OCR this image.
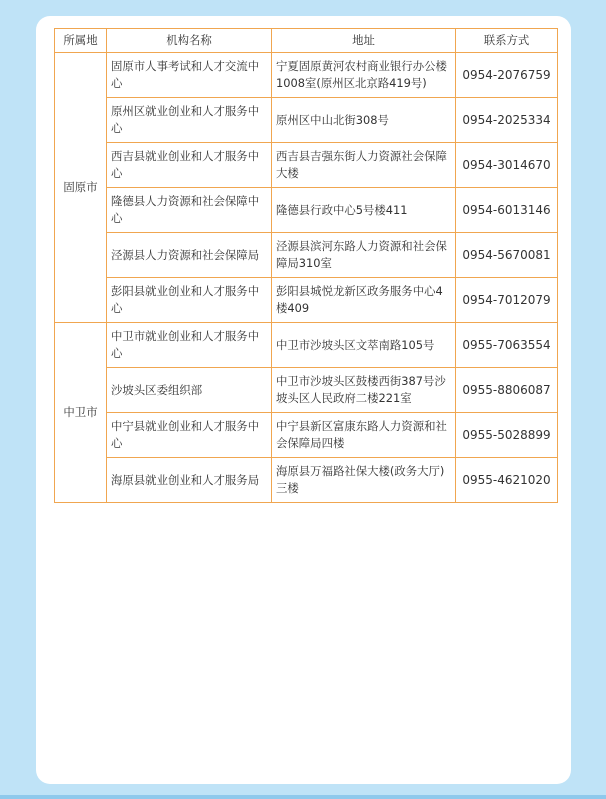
所属地	机构名称	地址	联系方式
固原市	固原市人事考试和人才交流中心	宁夏固原黄河农村商业银行办公楼1008室(原州区北京路419号)	0954-2076759
	原州区就业创业和人才服务中心	原州区中山北街308号	0954-2025334
	西吉县就业创业和人才服务中心	西吉县吉强东街人力资源社会保障大楼	0954-3014670
	隆德县人力资源和社会保障中心	隆德县行政中心5号楼411	0954-6013146
	泾源县人力资源和社会保障局	泾源县滨河东路人力资源和社会保障局310室	0954-5670081
	彭阳县就业创业和人才服务中心	彭阳县城悦龙新区政务服务中心4楼409	0954-7012079
中卫市	中卫市就业创业和人才服务中心	中卫市沙坡头区文萃南路105号	0955-7063554
	沙坡头区委组织部	中卫市沙坡头区鼓楼西街387号沙坡头区人民政府二楼221室	0955-8806087
	中宁县就业创业和人才服务中心	中宁县新区富康东路人力资源和社会保障局四楼	0955-5028899
	海原县就业创业和人才服务局	海原县万福路社保大楼(政务大厅)三楼	0955-4621020
